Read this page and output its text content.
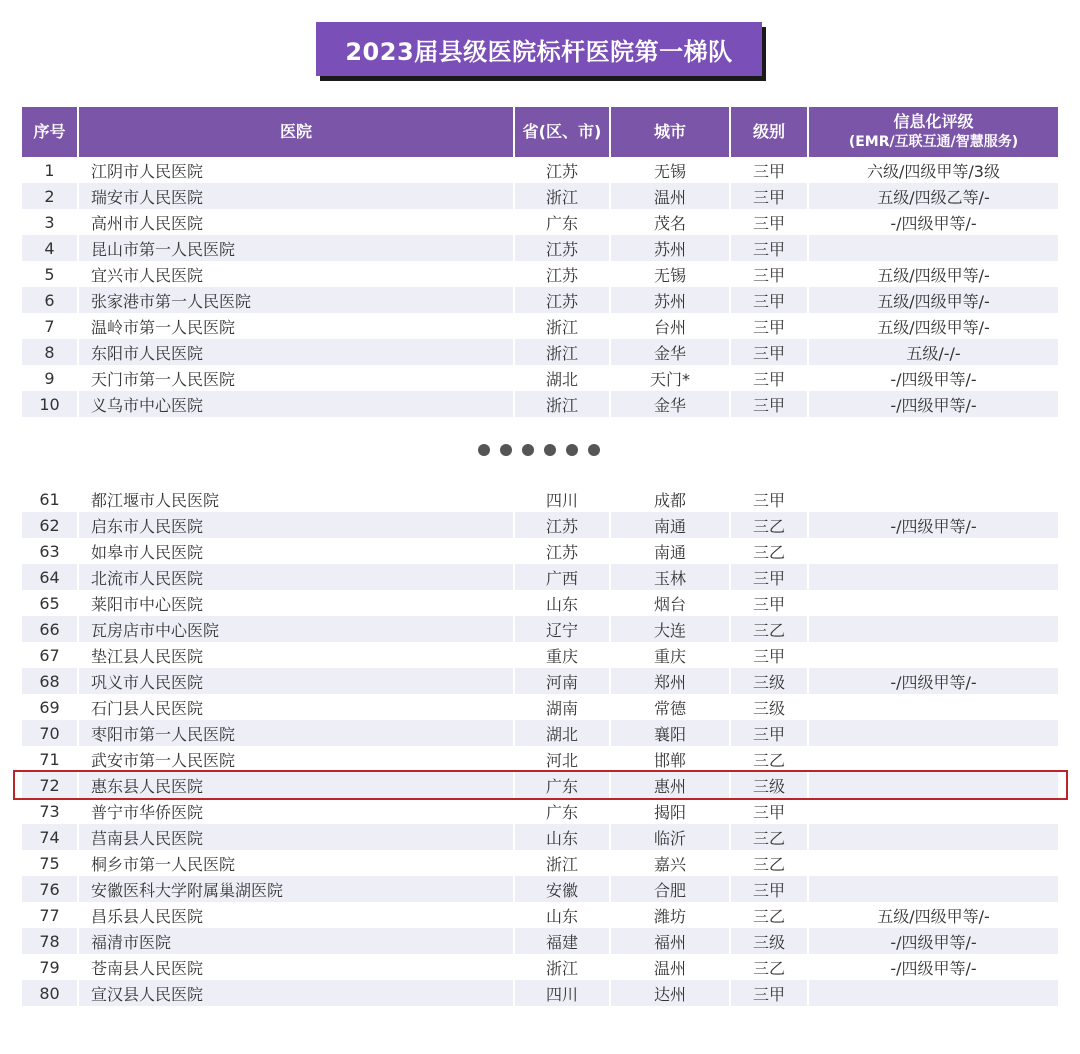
2023届县级医院标杆医院第一梯队
序号	医院	省(区、市)	城市	级别	信息化评级
(EMR/互联互通/智慧服务)

1	江阴市人民医院	江苏	无锡	三甲	六级/四级甲等/3级
2	瑞安市人民医院	浙江	温州	三甲	五级/四级乙等/-
3	高州市人民医院	广东	茂名	三甲	-/四级甲等/-
4	昆山市第一人民医院	江苏	苏州	三甲	
5	宜兴市人民医院	江苏	无锡	三甲	五级/四级甲等/-
6	张家港市第一人民医院	江苏	苏州	三甲	五级/四级甲等/-
7	温岭市第一人民医院	浙江	台州	三甲	五级/四级甲等/-
8	东阳市人民医院	浙江	金华	三甲	五级/-/-
9	天门市第一人民医院	湖北	天门*	三甲	-/四级甲等/-
10	义乌市中心医院	浙江	金华	三甲	-/四级甲等/-
61	都江堰市人民医院	四川	成都	三甲	
62	启东市人民医院	江苏	南通	三乙	-/四级甲等/-
63	如皋市人民医院	江苏	南通	三乙	
64	北流市人民医院	广西	玉林	三甲	
65	莱阳市中心医院	山东	烟台	三甲	
66	瓦房店市中心医院	辽宁	大连	三乙	
67	垫江县人民医院	重庆	重庆	三甲	
68	巩义市人民医院	河南	郑州	三级	-/四级甲等/-
69	石门县人民医院	湖南	常德	三级	
70	枣阳市第一人民医院	湖北	襄阳	三甲	
71	武安市第一人民医院	河北	邯郸	三乙	
72	惠东县人民医院	广东	惠州	三级	
73	普宁市华侨医院	广东	揭阳	三甲	
74	莒南县人民医院	山东	临沂	三乙	
75	桐乡市第一人民医院	浙江	嘉兴	三乙	
76	安徽医科大学附属巢湖医院	安徽	合肥	三甲	
77	昌乐县人民医院	山东	潍坊	三乙	五级/四级甲等/-
78	福清市医院	福建	福州	三级	-/四级甲等/-
79	苍南县人民医院	浙江	温州	三乙	-/四级甲等/-
80	宣汉县人民医院	四川	达州	三甲	
